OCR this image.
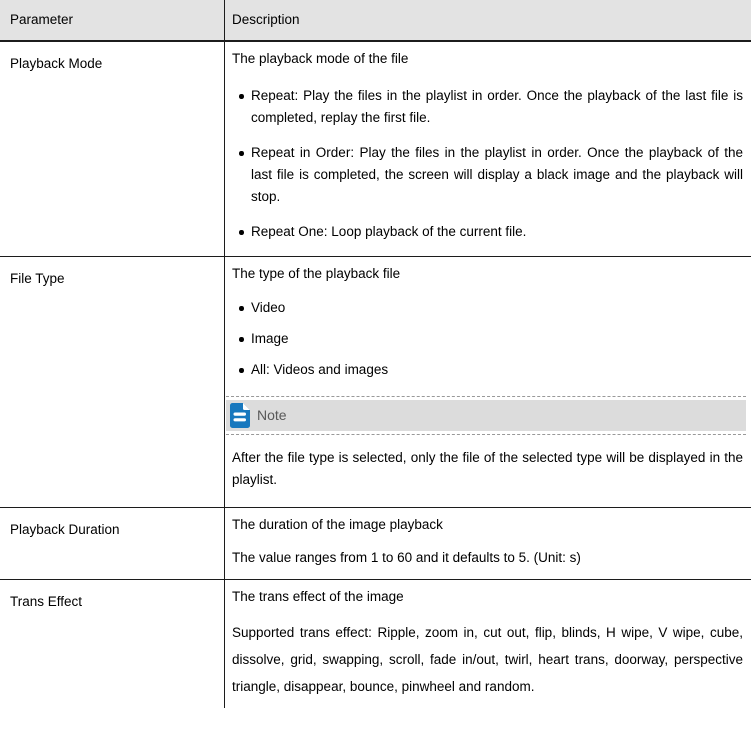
Parameter	Description
Playback Mode	The playback mode of the file
Repeat: Play the files in the playlist in order. Once the playback of the last file is completed, replay the first file.
Repeat in Order: Play the files in the playlist in order. Once the playback of the last file is completed, the screen will display a black image and the playback will stop.
Repeat One: Loop playback of the current file.
File Type	The type of the playback file
Video
Image
All: Videos and images
Note
After the file type is selected, only the file of the selected type will be displayed in the playlist.
Playback Duration	The duration of the image playback
The value ranges from 1 to 60 and it defaults to 5. (Unit: s)
Trans Effect	The trans effect of the image
Supported trans effect: Ripple, zoom in, cut out, flip, blinds, H wipe, V wipe, cube, dissolve, grid, swapping, scroll, fade in/out, twirl, heart trans, doorway, perspective triangle, disappear, bounce, pinwheel and random.
